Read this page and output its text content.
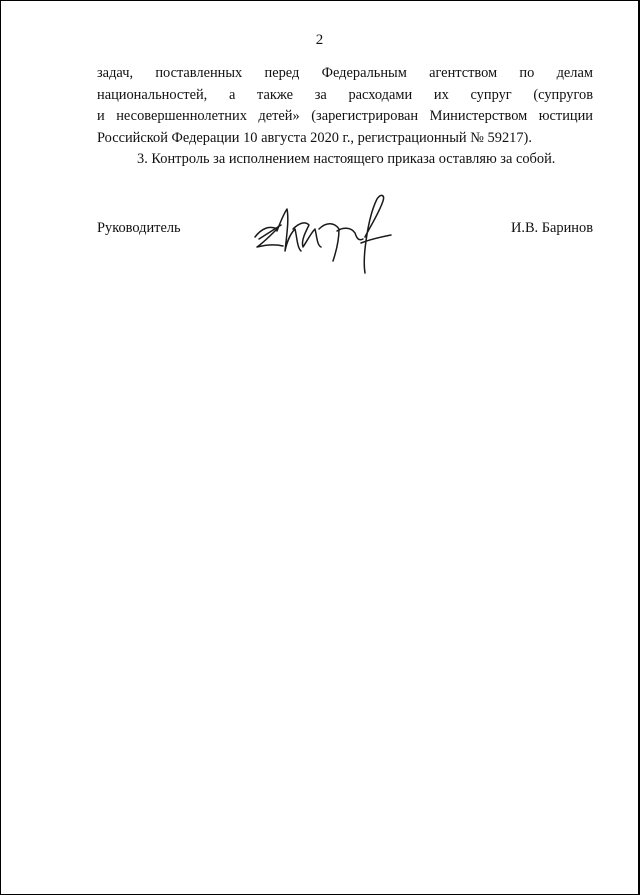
2
задач, поставленных перед Федеральным агентством по делам
национальностей, а также за расходами их супруг (супругов
и несовершеннолетних детей» (зарегистрирован Министерством юстиции
Российской Федерации 10 августа 2020 г., регистрационный № 59217).

3. Контроль за исполнением настоящего приказа оставляю за собой.

Руководитель	И.В. Баринов
